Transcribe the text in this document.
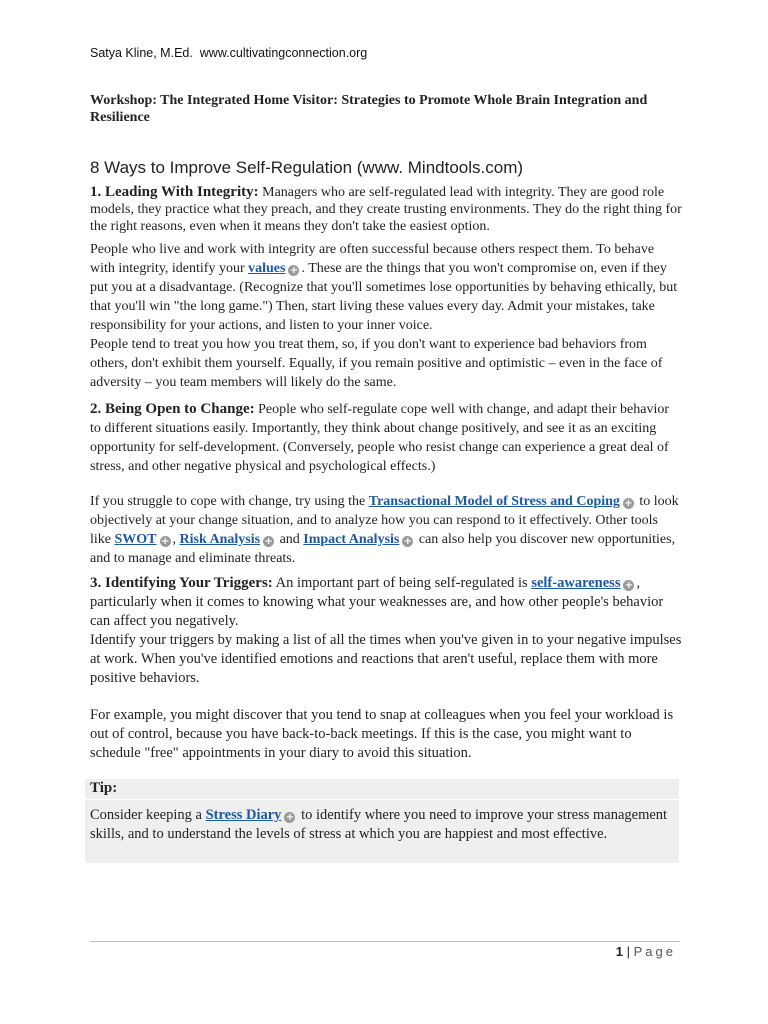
Satya Kline, M.Ed. www.cultivatingconnection.org
Workshop: The Integrated Home Visitor: Strategies to Promote Whole Brain Integration and Resilience
8 Ways to Improve Self-Regulation (www. Mindtools.com)

1. Leading With Integrity: Managers who are self-regulated lead with integrity. They are good role models, they practice what they preach, and they create trusting environments. They do the right thing for the right reasons, even when it means they don't take the easiest option.

People who live and work with integrity are often successful because others respect them. To behave with integrity, identify your values + . These are the things that you won't compromise on, even if they put you at a disadvantage. (Recognize that you'll sometimes lose opportunities by behaving ethically, but that you'll win "the long game.") Then, start living these values every day. Admit your mistakes, take responsibility for your actions, and listen to your inner voice.
People tend to treat you how you treat them, so, if you don't want to experience bad behaviors from others, don't exhibit them yourself. Equally, if you remain positive and optimistic – even in the face of adversity – you team members will likely do the same.

2. Being Open to Change: People who self-regulate cope well with change, and adapt their behavior to different situations easily. Importantly, they think about change positively, and see it as an exciting opportunity for self-development. (Conversely, people who resist change can experience a great deal of stress, and other negative physical and psychological effects.)

If you struggle to cope with change, try using the Transactional Model of Stress and Coping + to look objectively at your change situation, and to analyze how you can respond to it effectively. Other tools like SWOT + , Risk Analysis + and Impact Analysis + can also help you discover new opportunities, and to manage and eliminate threats.

3. Identifying Your Triggers: An important part of being self-regulated is self-awareness + , particularly when it comes to knowing what your weaknesses are, and how other people's behavior can affect you negatively.
Identify your triggers by making a list of all the times when you've given in to your negative impulses at work. When you've identified emotions and reactions that aren't useful, replace them with more positive behaviors.

For example, you might discover that you tend to snap at colleagues when you feel your workload is out of control, because you have back-to-back meetings. If this is the case, you might want to schedule "free" appointments in your diary to avoid this situation.

Tip:

Consider keeping a Stress Diary + to identify where you need to improve your stress management skills, and to understand the levels of stress at which you are happiest and most effective.

1 | Page
